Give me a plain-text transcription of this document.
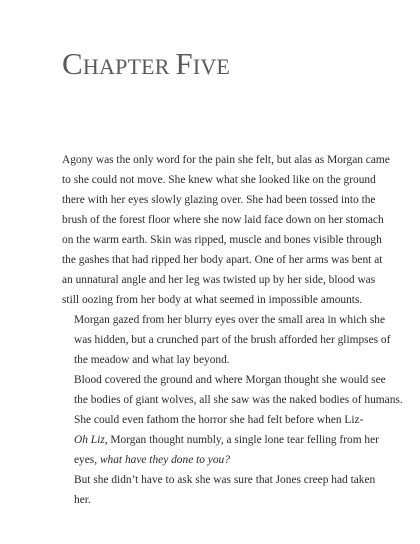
CHAPTER FIVE

Agony was the only word for the pain she felt, but alas as Morgan came
to she could not move. She knew what she looked like on the ground
there with her eyes slowly glazing over. She had been tossed into the
brush of the forest floor where she now laid face down on her stomach
on the warm earth. Skin was ripped, muscle and bones visible through
the gashes that had ripped her body apart. One of her arms was bent at
an unnatural angle and her leg was twisted up by her side, blood was
still oozing from her body at what seemed in impossible amounts.

Morgan gazed from her blurry eyes over the small area in which she
was hidden, but a crunched part of the brush afforded her glimpses of
the meadow and what lay beyond.

Blood covered the ground and where Morgan thought she would see
the bodies of giant wolves, all she saw was the naked bodies of humans.
She could even fathom the horror she had felt before when Liz-

Oh Liz, Morgan thought numbly, a single lone tear felling from her
eyes, what have they done to you?

But she didn’t have to ask she was sure that Jones creep had taken
her.
